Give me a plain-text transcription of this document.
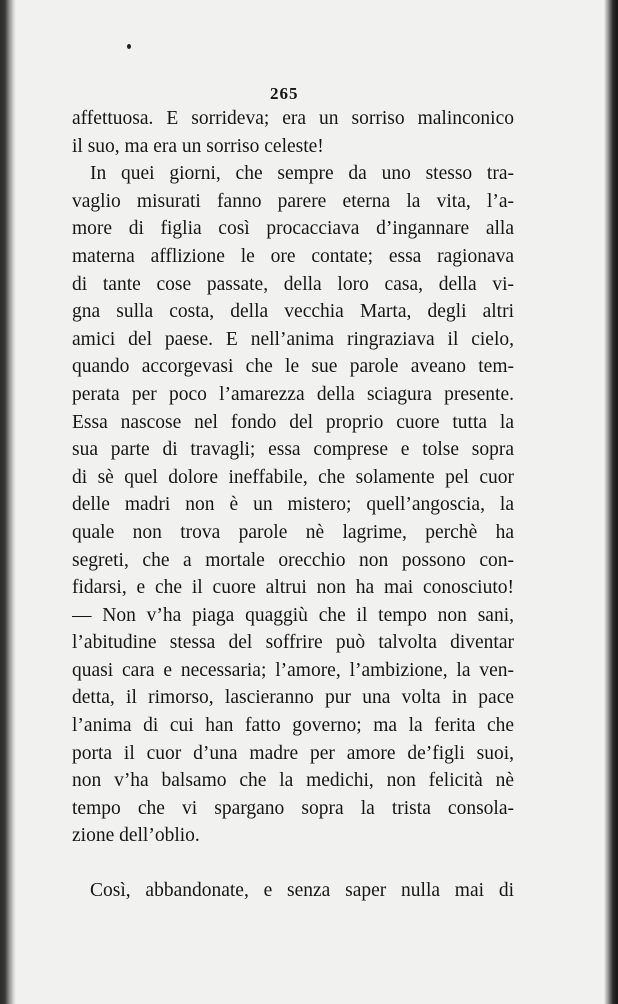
265
affettuosa. E sorrideva; era un sorriso malinconico
il suo, ma era un sorriso celeste!
In quei giorni, che sempre da uno stesso tra-
vaglio misurati fanno parere eterna la vita, l’a-
more di figlia così procacciava d’ingannare alla
materna afflizione le ore contate; essa ragionava
di tante cose passate, della loro casa, della vi-
gna sulla costa, della vecchia Marta, degli altri
amici del paese. E nell’anima ringraziava il cielo,
quando accorgevasi che le sue parole aveano tem-
perata per poco l’amarezza della sciagura presente.
Essa nascose nel fondo del proprio cuore tutta la
sua parte di travagli; essa comprese e tolse sopra
di sè quel dolore ineffabile, che solamente pel cuor
delle madri non è un mistero; quell’angoscia, la
quale non trova parole nè lagrime, perchè ha
segreti, che a mortale orecchio non possono con-
fidarsi, e che il cuore altrui non ha mai conosciuto!
— Non v’ha piaga quaggiù che il tempo non sani,
l’abitudine stessa del soffrire può talvolta diventar
quasi cara e necessaria; l’amore, l’ambizione, la ven-
detta, il rimorso, lascieranno pur una volta in pace
l’anima di cui han fatto governo; ma la ferita che
porta il cuor d’una madre per amore de’figli suoi,
non v’ha balsamo che la medichi, non felicità nè
tempo che vi spargano sopra la trista consola-
zione dell’oblio.
Così, abbandonate, e senza saper nulla mai di
